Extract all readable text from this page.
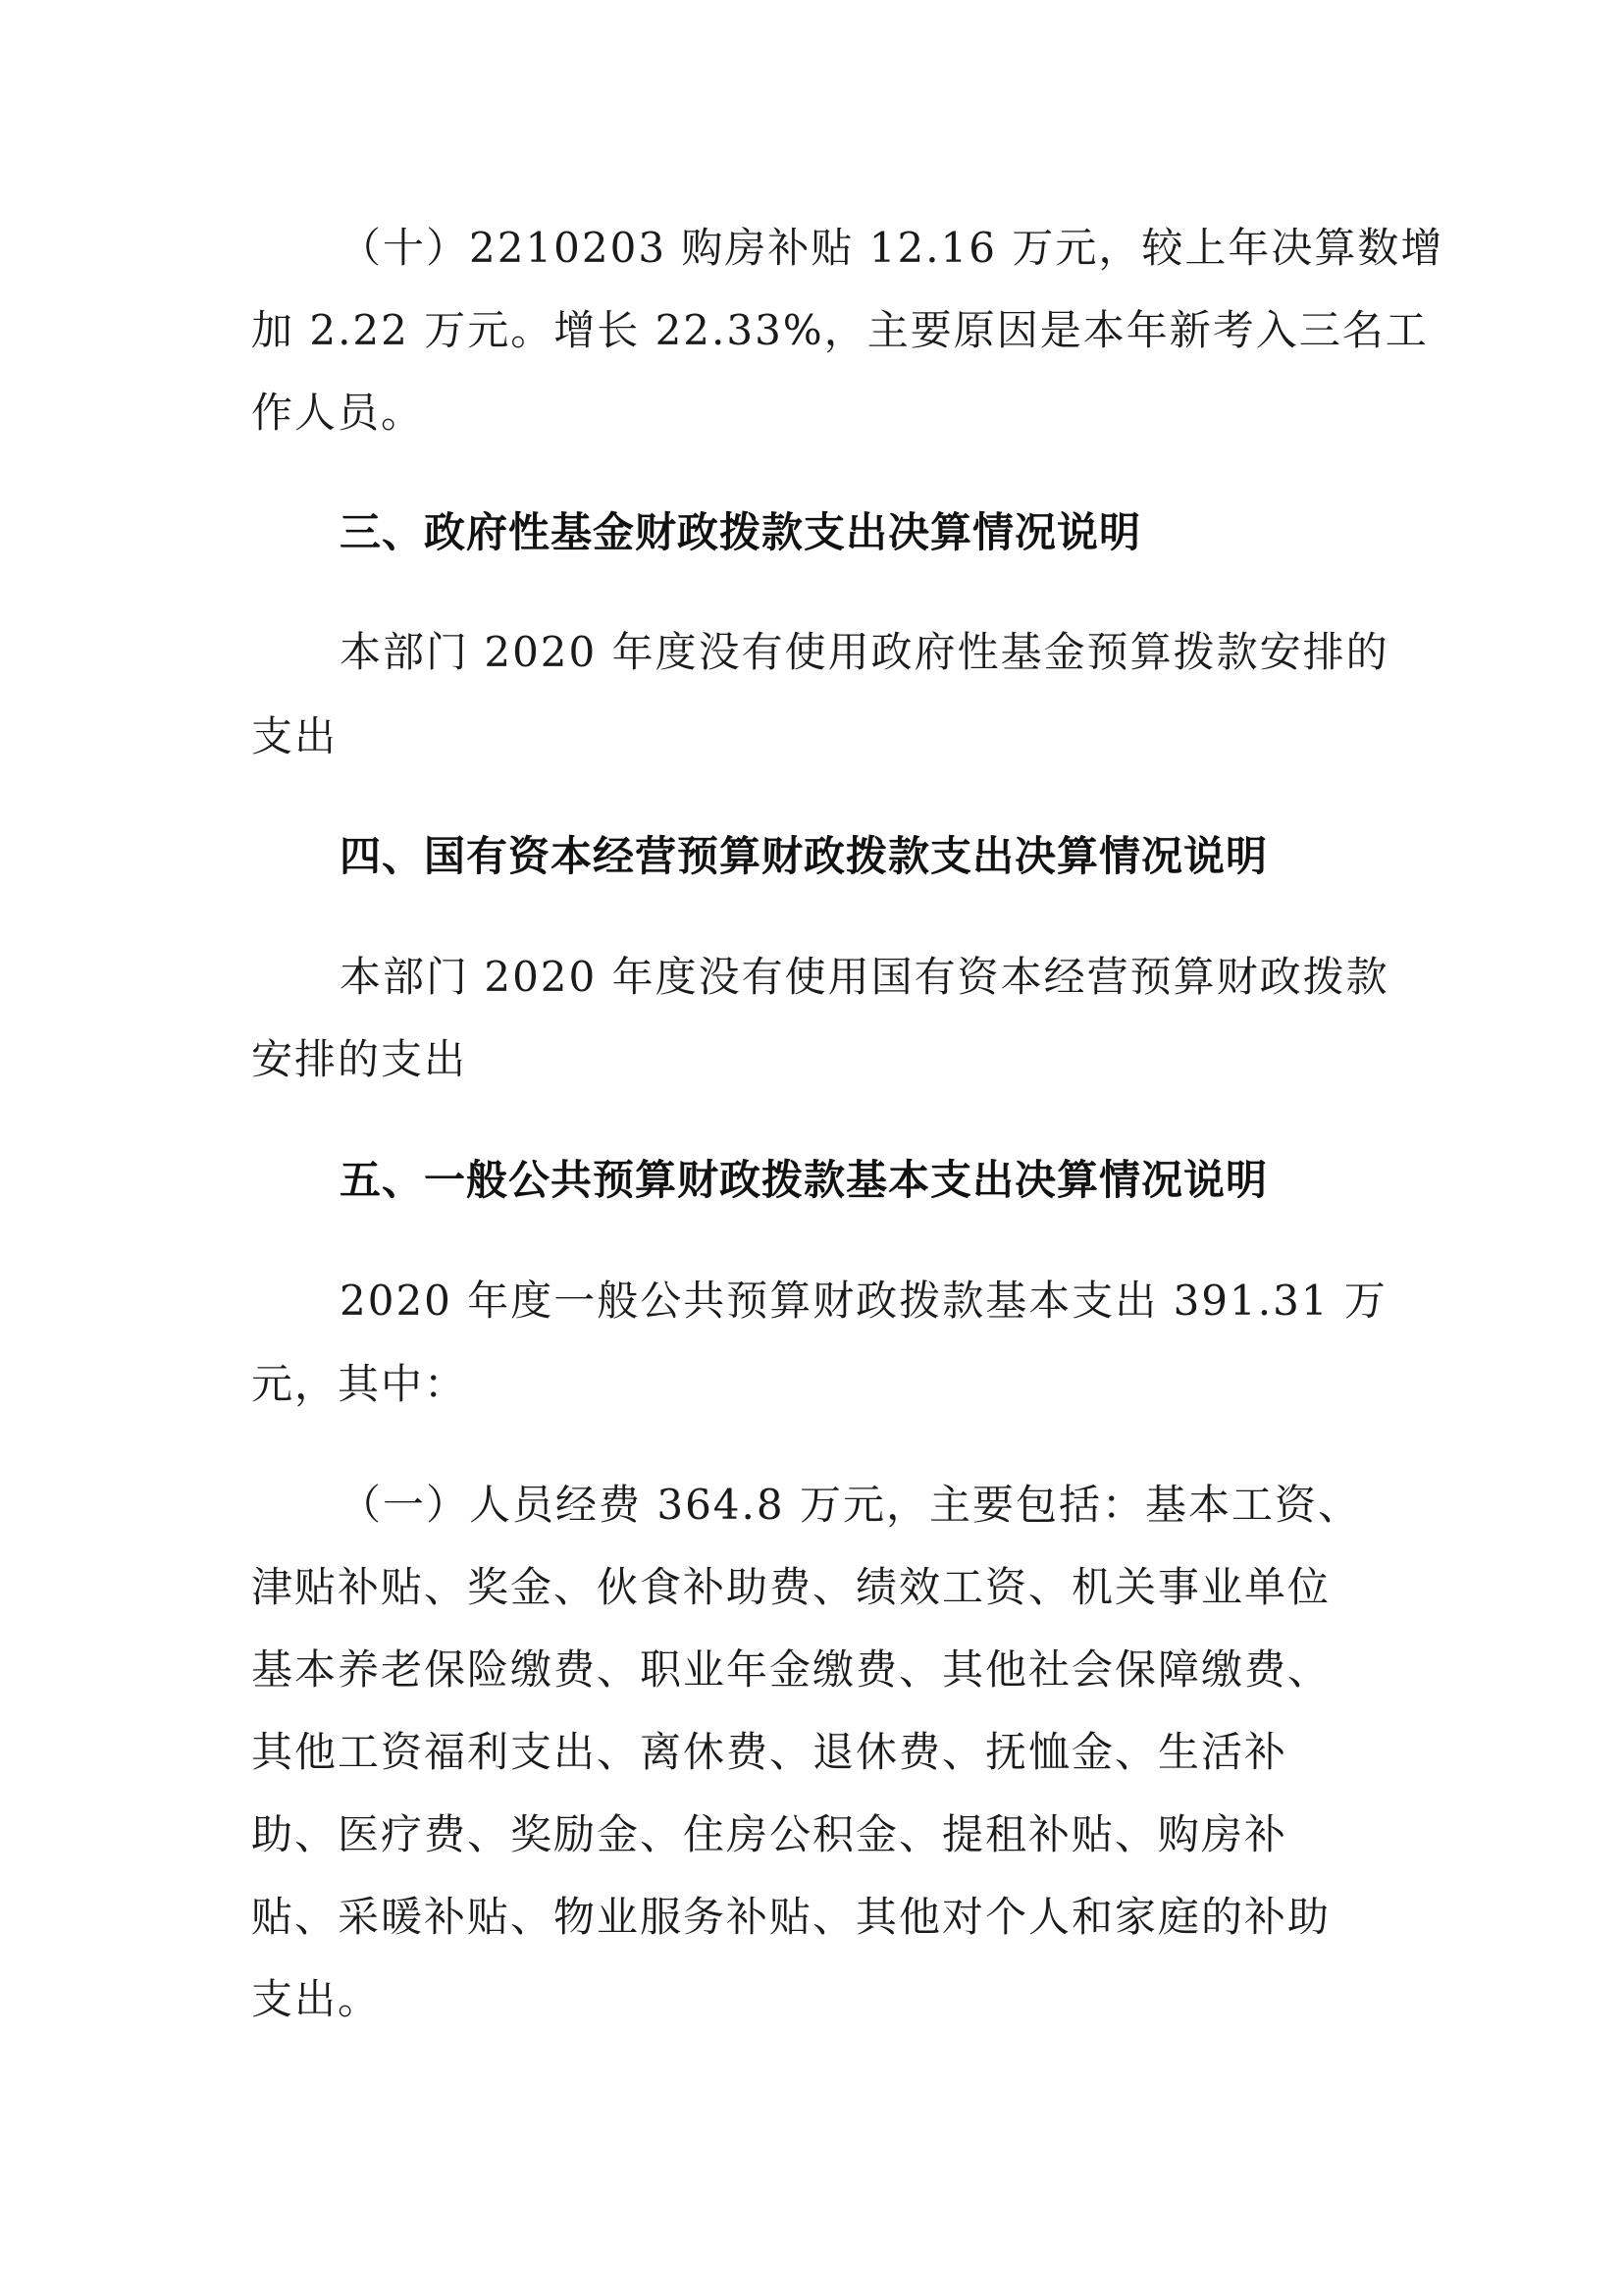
（十）2210203 购房补贴 12.16 万元，较上年决算数增
加 2.22 万元。增长 22.33%，主要原因是本年新考入三名工
作人员。
三、政府性基金财政拨款支出决算情况说明
本部门 2020 年度没有使用政府性基金预算拨款安排的
支出
四、国有资本经营预算财政拨款支出决算情况说明
本部门 2020 年度没有使用国有资本经营预算财政拨款
安排的支出
五、一般公共预算财政拨款基本支出决算情况说明
2020 年度一般公共预算财政拨款基本支出 391.31 万
元，其中：
（一）人员经费 364.8 万元，主要包括：基本工资、
津贴补贴、奖金、伙食补助费、绩效工资、机关事业单位
基本养老保险缴费、职业年金缴费、其他社会保障缴费、
其他工资福利支出、离休费、退休费、抚恤金、生活补
助、医疗费、奖励金、住房公积金、提租补贴、购房补
贴、采暖补贴、物业服务补贴、其他对个人和家庭的补助
支出。
